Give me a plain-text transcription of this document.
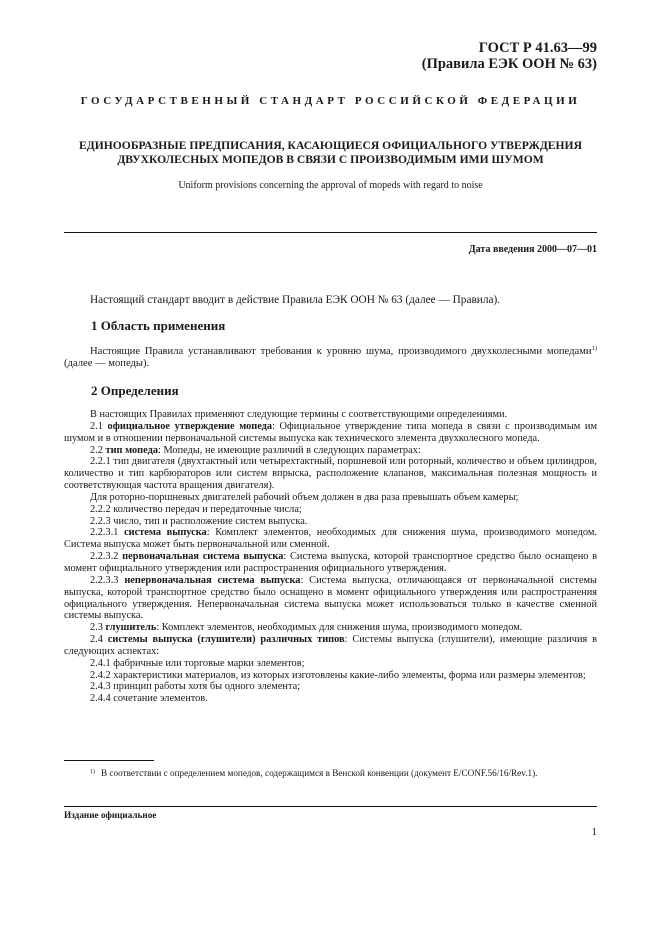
ГОСТ Р 41.63—99
(Правила ЕЭК ООН № 63)
ГОСУДАРСТВЕННЫЙ СТАНДАРТ РОССИЙСКОЙ ФЕДЕРАЦИИ
ЕДИНООБРАЗНЫЕ ПРЕДПИСАНИЯ, КАСАЮЩИЕСЯ ОФИЦИАЛЬНОГО УТВЕРЖДЕНИЯ
ДВУХКОЛЕСНЫХ МОПЕДОВ В СВЯЗИ С ПРОИЗВОДИМЫМ ИМИ ШУМОМ
Uniform provisions concerning the approval of mopeds with regard to noise
Дата введения 2000—07—01
Настоящий стандарт вводит в действие Правила ЕЭК ООН № 63 (далее — Правила).
1 Область применения
Настоящие Правила устанавливают требования к уровню шума, производимого двухколесными мопедами$^{1)}$ (далее — мопеды).
2 Определения

В настоящих Правилах применяют следующие термины с соответствующими определениями.

2.1 официальное утверждение мопеда: Официальное утверждение типа мопеда в связи с производимым им шумом и в отношении первоначальной системы выпуска как технического элемента двухколесного мопеда.

2.2 тип мопеда: Мопеды, не имеющие различий в следующих параметрах:

2.2.1 тип двигателя (двухтактный или четырехтактный, поршневой или роторный, количество и объем цилиндров, количество и тип карбюраторов или систем впрыска, расположение клапанов, максимальная полезная мощность и соответствующая частота вращения двигателя).

Для роторно-поршневых двигателей рабочий объем должен в два раза превышать объем камеры;

2.2.2 количество передач и передаточные числа;

2.2.3 число, тип и расположение систем выпуска.

2.2.3.1 система выпуска: Комплект элементов, необходимых для снижения шума, производимого мопедом. Система выпуска может быть первоначальной или сменной.

2.2.3.2 первоначальная система выпуска: Система выпуска, которой транспортное средство было оснащено в момент официального утверждения или распространения официального утверждения.

2.2.3.3 непервоначальная система выпуска: Система выпуска, отличающаяся от первоначальной системы выпуска, которой транспортное средство было оснащено в момент официального утверждения или распространения официального утверждения. Непервоначальная система выпуска может использоваться только в качестве сменной системы выпуска.

2.3 глушитель: Комплект элементов, необходимых для снижения шума, производимого мопедом.

2.4 системы выпуска (глушители) различных типов: Системы выпуска (глушители), имеющие различия в следующих аспектах:

2.4.1 фабричные или торговые марки элементов;

2.4.2 характеристики материалов, из которых изготовлены какие-либо элементы, форма или размеры элементов;

2.4.3 принцип работы хотя бы одного элемента;

2.4.4 сочетание элементов.

$^{1)}$ В соответствии с определением мопедов, содержащимся в Венской конвенции (документ E/CONF.56/16/Rev.1).
Издание официальное
1
